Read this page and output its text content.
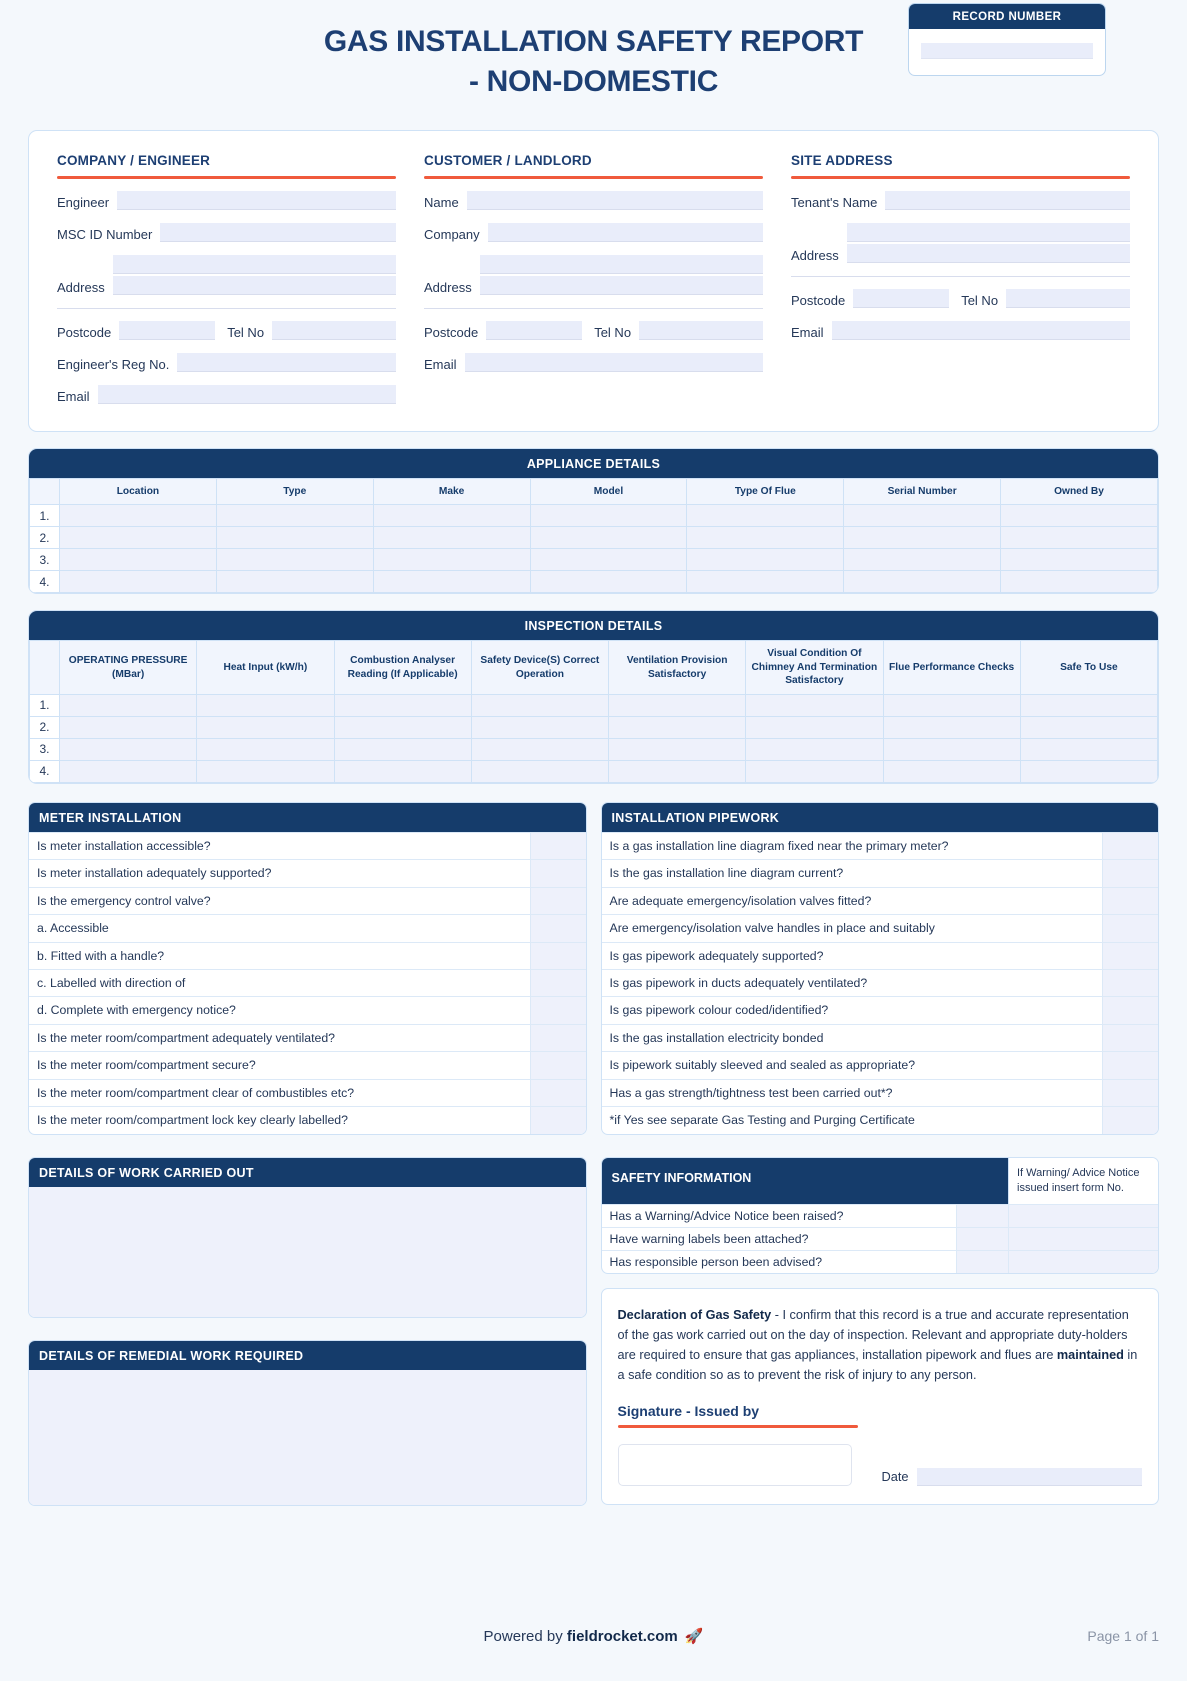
GAS INSTALLATION SAFETY REPORT
- NON-DOMESTIC
RECORD NUMBER
COMPANY / ENGINEER
Engineer
MSC ID Number
Address
Postcode	Tel No
Engineer's Reg No.
Email
CUSTOMER / LANDLORD
Name
Company
Address
Postcode	Tel No
Email
SITE ADDRESS
Tenant's Name
Address
Postcode	Tel No
Email
APPLIANCE DETAILS
	Location	Type	Make	Model	Type Of Flue	Serial Number	Owned By
1.							
2.							
3.							
4.							
INSPECTION DETAILS
	OPERATING PRESSURE (MBar)	Heat Input (kW/h)	Combustion Analyser Reading (If Applicable)	Safety Device(S) Correct Operation	Ventilation Provision Satisfactory	Visual Condition Of Chimney And Termination Satisfactory	Flue Performance Checks	Safe To Use
1.								
2.								
3.								
4.								
METER INSTALLATION
Is meter installation accessible?
Is meter installation adequately supported?
Is the emergency control valve?
a. Accessible
b. Fitted with a handle?
c. Labelled with direction of
d. Complete with emergency notice?
Is the meter room/compartment adequately ventilated?
Is the meter room/compartment secure?
Is the meter room/compartment clear of combustibles etc?
Is the meter room/compartment lock key clearly labelled?
DETAILS OF WORK CARRIED OUT
DETAILS OF REMEDIAL WORK REQUIRED
INSTALLATION PIPEWORK
Is a gas installation line diagram fixed near the primary meter?
Is the gas installation line diagram current?
Are adequate emergency/isolation valves fitted?
Are emergency/isolation valve handles in place and suitably
Is gas pipework adequately supported?
Is gas pipework in ducts adequately ventilated?
Is gas pipework colour coded/identified?
Is the gas installation electricity bonded
Is pipework suitably sleeved and sealed as appropriate?
Has a gas strength/tightness test been carried out*?
*if Yes see separate Gas Testing and Purging Certificate
SAFETY INFORMATION	If Warning/ Advice Notice issued insert form No.
Has a Warning/Advice Notice been raised?
Have warning labels been attached?
Has responsible person been advised?

Declaration of Gas Safety - I confirm that this record is a true and accurate representation of the gas work carried out on the day of inspection. Relevant and appropriate duty-holders are required to ensure that gas appliances, installation pipework and flues are maintained in a safe condition so as to prevent the risk of injury to any person.

Signature - Issued by
Date
Powered by fieldrocket.com 🚀	Page 1 of 1
